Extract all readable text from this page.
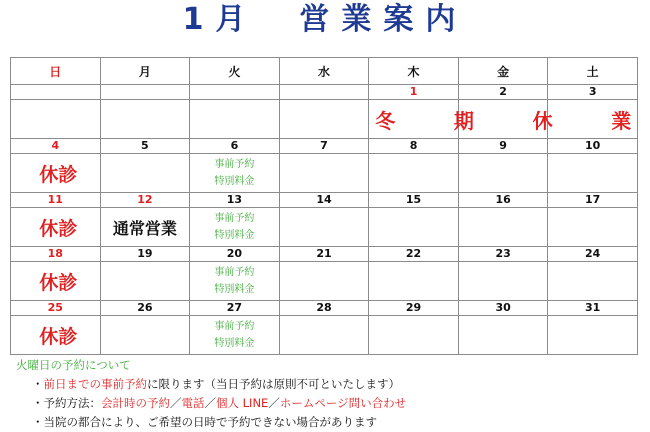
1月　営業案内
日	月	火	水	木	金	土
				1	2	3

				冬 期 休 業		

4	5	6	7	8	9	10
休診		事前予約
特別料金				

11	12	13	14	15	16	17
休診	通常営業	事前予約
特別料金				

18	19	20	21	22	23	24
休診		事前予約
特別料金				

25	26	27	28	29	30	31
休診		事前予約
特別料金				

火曜日の予約について
・前日までの事前予約に限ります（当日予約は原則不可といたします）
・予約方法：会計時の予約／電話／個人 LINE／ホームページ問い合わせ
・当院の都合により、ご希望の日時で予約できない場合があります
